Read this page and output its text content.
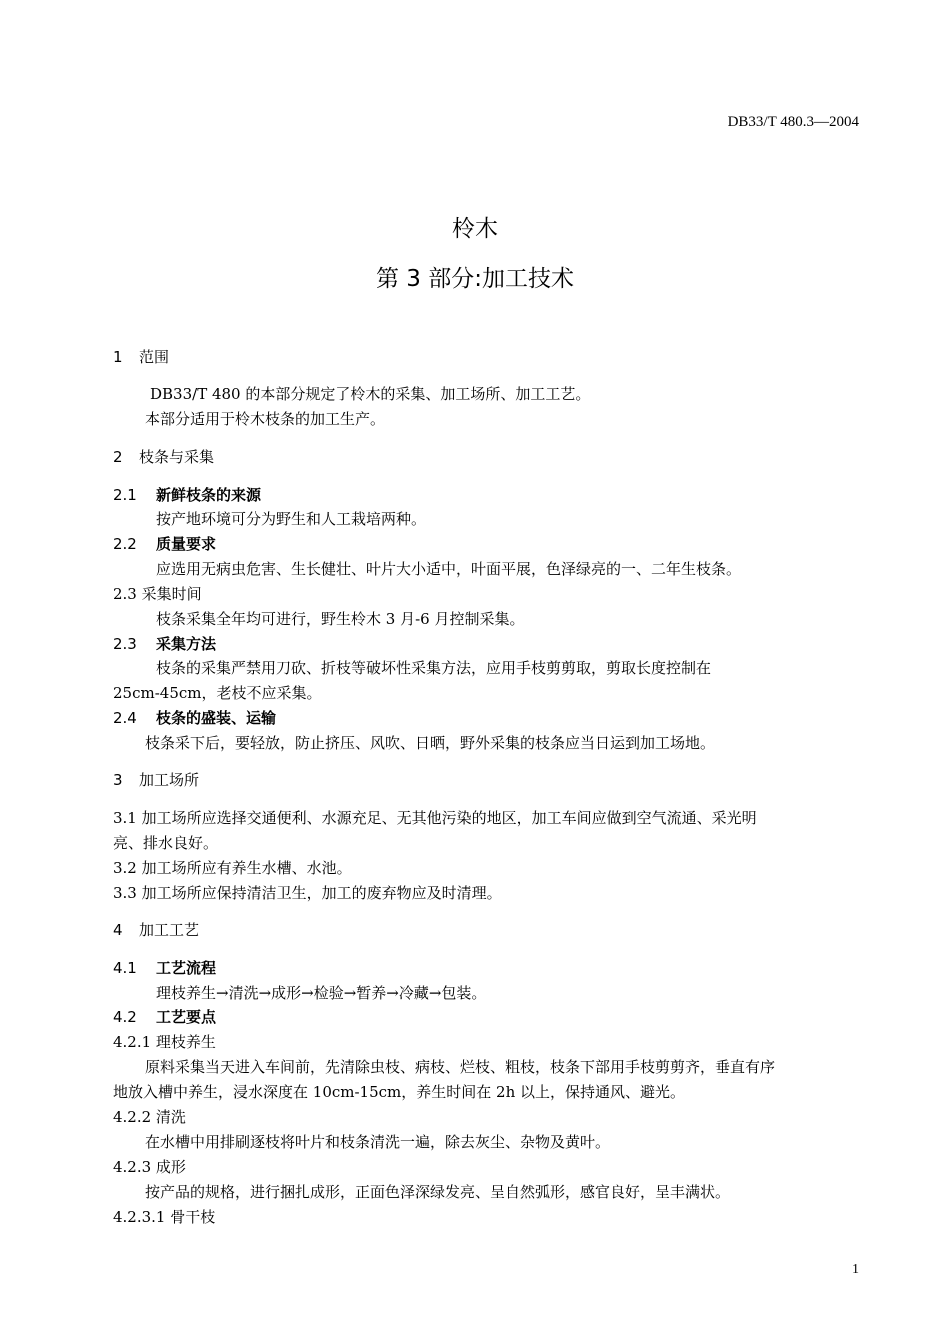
DB33/T 480.3—2004
柃木
第 3 部分:加工技术
1 范围
DB33/T 480 的本部分规定了柃木的采集、加工场所、加工工艺。
本部分适用于柃木枝条的加工生产。
2 枝条与采集
2.1 新鲜枝条的来源
按产地环境可分为野生和人工栽培两种。
2.2 质量要求
应选用无病虫危害、生长健壮、叶片大小适中，叶面平展，色泽绿亮的一、二年生枝条。
2.3 采集时间
枝条采集全年均可进行，野生柃木 3 月-6 月控制采集。
2.3 采集方法
枝条的采集严禁用刀砍、折枝等破坏性采集方法，应用手枝剪剪取，剪取长度控制在
25cm-45cm，老枝不应采集。
2.4 枝条的盛装、运输
枝条采下后，要轻放，防止挤压、风吹、日晒，野外采集的枝条应当日运到加工场地。
3 加工场所
3.1 加工场所应选择交通便利、水源充足、无其他污染的地区，加工车间应做到空气流通、采光明
亮、排水良好。
3.2 加工场所应有养生水槽、水池。
3.3 加工场所应保持清洁卫生，加工的废弃物应及时清理。
4 加工工艺
4.1 工艺流程
理枝养生→清洗→成形→检验→暂养→冷藏→包装。
4.2 工艺要点
4.2.1 理枝养生
原料采集当天进入车间前，先清除虫枝、病枝、烂枝、粗枝，枝条下部用手枝剪剪齐，垂直有序
地放入槽中养生，浸水深度在 10cm-15cm，养生时间在 2h 以上，保持通风、避光。
4.2.2 清洗
在水槽中用排刷逐枝将叶片和枝条清洗一遍，除去灰尘、杂物及黄叶。
4.2.3 成形
按产品的规格，进行捆扎成形，正面色泽深绿发亮、呈自然弧形，感官良好，呈丰满状。
4.2.3.1 骨干枝
1
